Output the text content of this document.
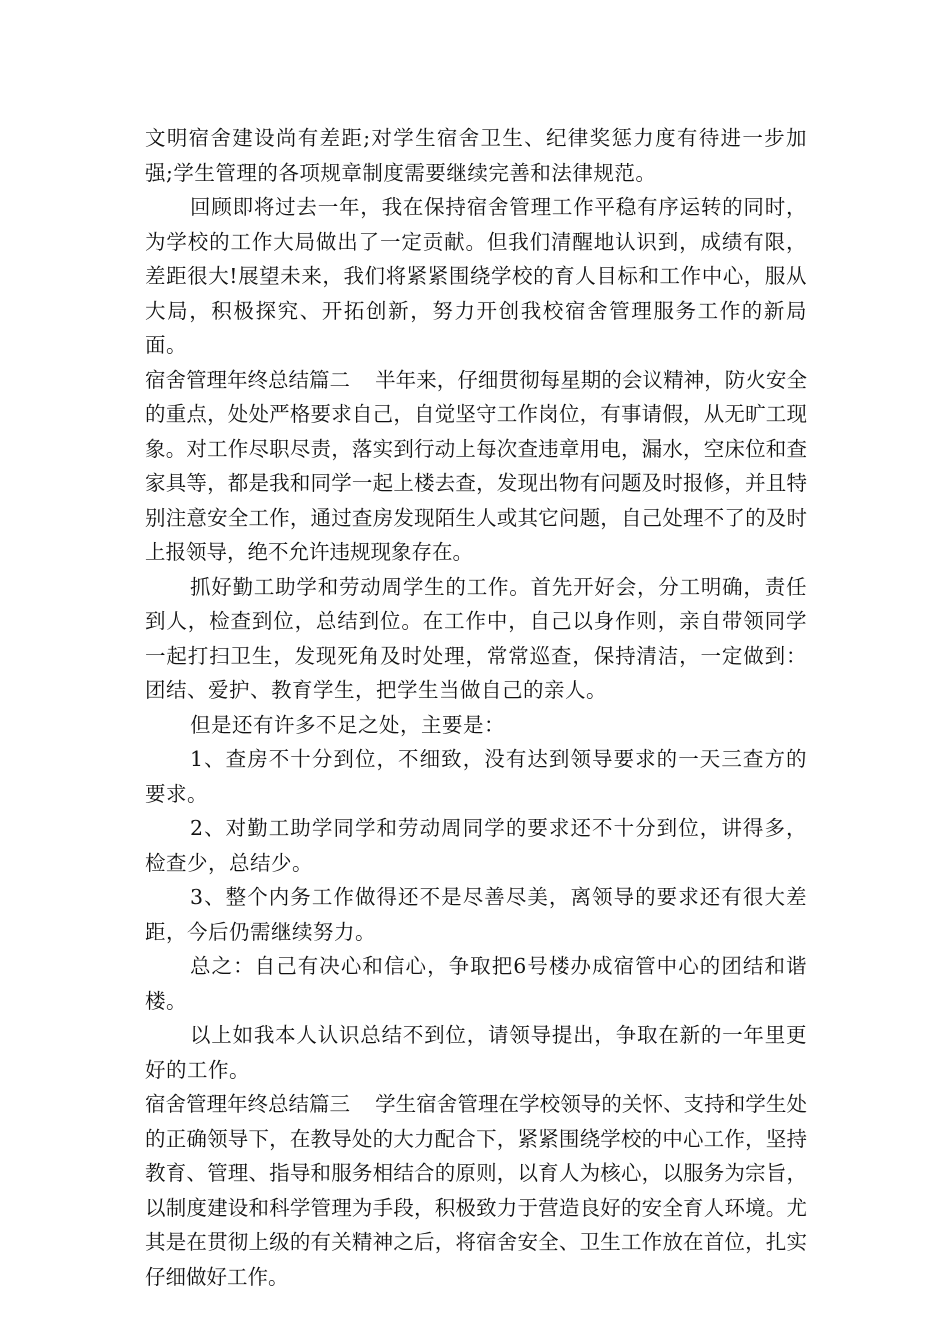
文明宿舍建设尚有差距;对学生宿舍卫生、纪律奖惩力度有待进一步加强;学生管理的各项规章制度需要继续完善和法律规范。

回顾即将过去一年，我在保持宿舍管理工作平稳有序运转的同时，为学校的工作大局做出了一定贡献。但我们清醒地认识到，成绩有限，差距很大!展望未来，我们将紧紧围绕学校的育人目标和工作中心，服从大局，积极探究、开拓创新，努力开创我校宿舍管理服务工作的新局面。

宿舍管理年终总结篇二 半年来，仔细贯彻每星期的会议精神，防火安全的重点，处处严格要求自己，自觉坚守工作岗位，有事请假，从无旷工现象。对工作尽职尽责，落实到行动上每次查违章用电，漏水，空床位和查家具等，都是我和同学一起上楼去查，发现出物有问题及时报修，并且特别注意安全工作，通过查房发现陌生人或其它问题，自己处理不了的及时上报领导，绝不允许违规现象存在。

抓好勤工助学和劳动周学生的工作。首先开好会，分工明确，责任到人，检查到位，总结到位。在工作中，自己以身作则，亲自带领同学一起打扫卫生，发现死角及时处理，常常巡查，保持清洁，一定做到：团结、爱护、教育学生，把学生当做自己的亲人。

但是还有许多不足之处，主要是：

1、查房不十分到位，不细致，没有达到领导要求的一天三查方的要求。

2、对勤工助学同学和劳动周同学的要求还不十分到位，讲得多，检查少，总结少。

3、整个内务工作做得还不是尽善尽美，离领导的要求还有很大差距，今后仍需继续努力。

总之：自己有决心和信心，争取把6号楼办成宿管中心的团结和谐楼。

以上如我本人认识总结不到位，请领导提出，争取在新的一年里更好的工作。

宿舍管理年终总结篇三 学生宿舍管理在学校领导的关怀、支持和学生处的正确领导下，在教导处的大力配合下，紧紧围绕学校的中心工作，坚持教育、管理、指导和服务相结合的原则，以育人为核心，以服务为宗旨，以制度建设和科学管理为手段，积极致力于营造良好的安全育人环境。尤其是在贯彻上级的有关精神之后，将宿舍安全、卫生工作放在首位，扎实仔细做好工作。
